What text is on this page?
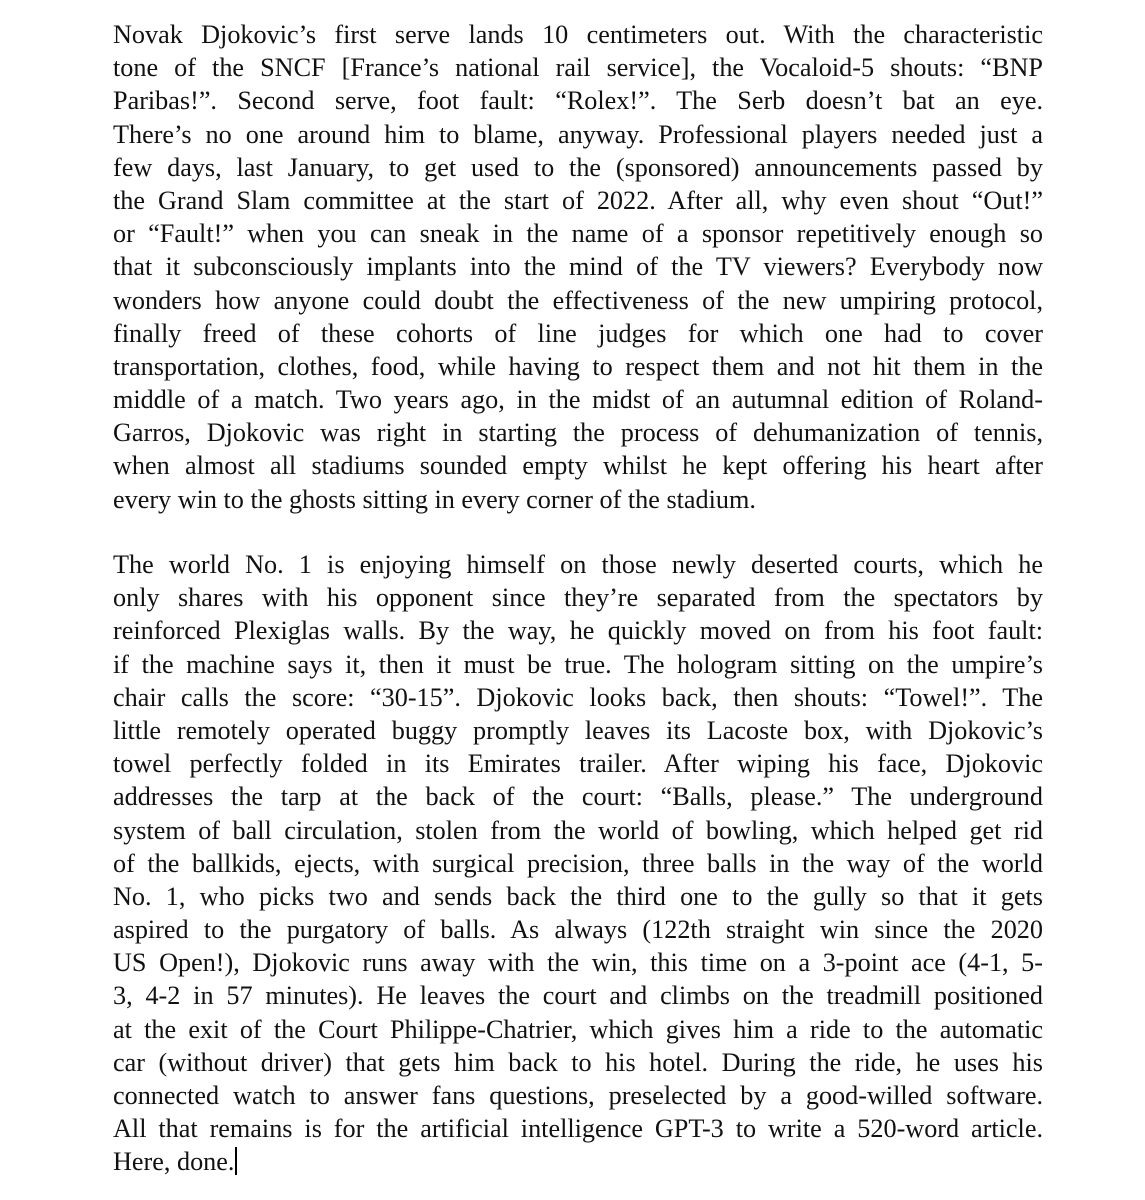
Novak Djokovic’s first serve lands 10 centimeters out. With the characteristic
tone of the SNCF [France’s national rail service], the Vocaloid-5 shouts: “BNP
Paribas!”. Second serve, foot fault: “Rolex!”. The Serb doesn’t bat an eye.
There’s no one around him to blame, anyway. Professional players needed just a
few days, last January, to get used to the (sponsored) announcements passed by
the Grand Slam committee at the start of 2022. After all, why even shout “Out!”
or “Fault!” when you can sneak in the name of a sponsor repetitively enough so
that it subconsciously implants into the mind of the TV viewers? Everybody now
wonders how anyone could doubt the effectiveness of the new umpiring protocol,
finally freed of these cohorts of line judges for which one had to cover
transportation, clothes, food, while having to respect them and not hit them in the
middle of a match. Two years ago, in the midst of an autumnal edition of Roland-
Garros, Djokovic was right in starting the process of dehumanization of tennis,
when almost all stadiums sounded empty whilst he kept offering his heart after
every win to the ghosts sitting in every corner of the stadium.
The world No. 1 is enjoying himself on those newly deserted courts, which he
only shares with his opponent since they’re separated from the spectators by
reinforced Plexiglas walls. By the way, he quickly moved on from his foot fault:
if the machine says it, then it must be true. The hologram sitting on the umpire’s
chair calls the score: “30-15”. Djokovic looks back, then shouts: “Towel!”. The
little remotely operated buggy promptly leaves its Lacoste box, with Djokovic’s
towel perfectly folded in its Emirates trailer. After wiping his face, Djokovic
addresses the tarp at the back of the court: “Balls, please.” The underground
system of ball circulation, stolen from the world of bowling, which helped get rid
of the ballkids, ejects, with surgical precision, three balls in the way of the world
No. 1, who picks two and sends back the third one to the gully so that it gets
aspired to the purgatory of balls. As always (122th straight win since the 2020
US Open!), Djokovic runs away with the win, this time on a 3-point ace (4-1, 5-
3, 4-2 in 57 minutes). He leaves the court and climbs on the treadmill positioned
at the exit of the Court Philippe-Chatrier, which gives him a ride to the automatic
car (without driver) that gets him back to his hotel. During the ride, he uses his
connected watch to answer fans questions, preselected by a good-willed software.
All that remains is for the artificial intelligence GPT-3 to write a 520-word article.
Here, done.
